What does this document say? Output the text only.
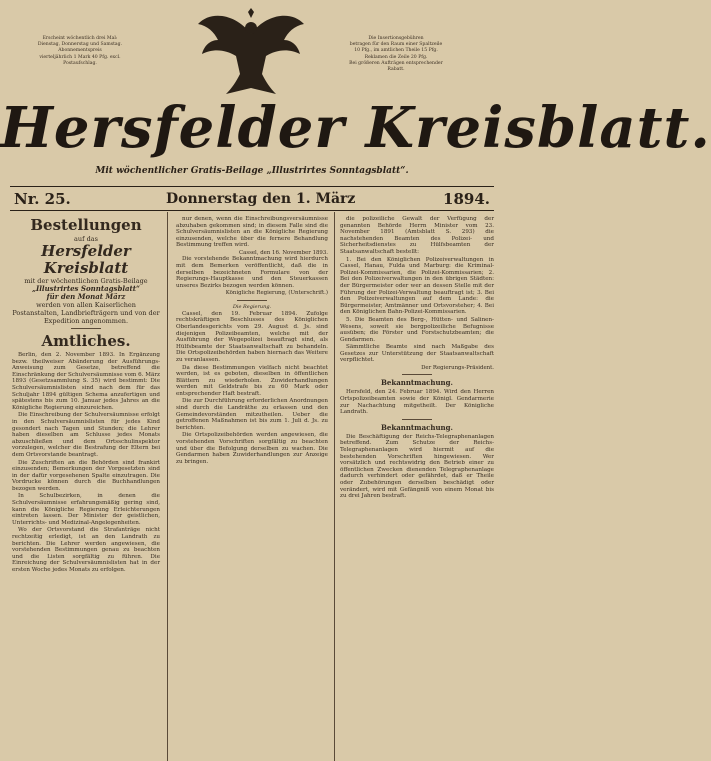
Erscheint wöchentlich drei Mal:
Dienstag, Donnerstag und Samstag.
Abonnementspreis
vierteljährlich 1 Mark 40 Pfg. excl.
Postaufschlag.
Die Insertionsgebühren
betragen für den Raum einer Spaltzeile
10 Pfg., im amtlichen Theile 15 Pfg.
Reklamen die Zeile 20 Pfg.
Bei größeren Aufträgen entsprechender
Rabatt.
Hersfelder Kreisblatt.
Mit wöchentlicher Gratis-Beilage „Illustrirtes Sonntagsblatt“.
Nr. 25.	Donnerstag den 1. März	1894.
Bestellungen
auf das
Hersfelder Kreisblatt
mit der wöchentlichen Gratis-Beilage
„Illustrirtes Sonntagsblatt“
für den Monat März
werden von allen Kaiserlichen Postanstalten, Landbriefträgern und von der Expedition angenommen.
Amtliches.

Berlin, den 2. November 1893. In Ergänzung bezw. theilweiser Abänderung der Ausführungs-Anweisung zum Gesetze, betreffend die Einschränkung der Schulversäumnisse vom 6. März 1893 (Gesetzsammlung S. 35) wird bestimmt: Die Schulversäumnislisten sind nach dem für das Schuljahr 1894 gültigen Schema anzufertigen und spätestens bis zum 10. Januar jedes Jahres an die Königliche Regierung einzureichen.

Die Einschreibung der Schulversäumnisse erfolgt in den Schulversäumnislisten für jedes Kind gesondert nach Tagen und Stunden; die Lehrer haben dieselben am Schlusse jedes Monats abzuschließen und dem Ortsschulinspektor vorzulegen, welcher die Bestrafung der Eltern bei dem Ortsvorstande beantragt.

Die Zuschriften an die Behörden sind frankirt einzusenden; Bemerkungen der Vorgesetzten sind in der dafür vorgesehenen Spalte einzutragen. Die Vordrucke können durch die Buchhandlungen bezogen werden.

In Schulbezirken, in denen die Schulversäumnisse erfahrungsmäßig gering sind, kann die Königliche Regierung Erleichterungen eintreten lassen. Der Minister der geistlichen, Unterrichts- und Medizinal-Angelegenheiten.

Wo der Ortsvorstand die Strafanträge nicht rechtzeitig erledigt, ist an den Landrath zu berichten. Die Lehrer werden angewiesen, die vorstehenden Bestimmungen genau zu beachten und die Listen sorgfältig zu führen. Die Einreichung der Schulversäumnislisten hat in der ersten Woche jedes Monats zu erfolgen.

nur denen, wenn die Einschreibungsversäumnisse abzuhaben gekommen sind; in diesem Falle sind die Schulversäumnislisten an die Königliche Regierung einzusenden, welche über die fernere Behandlung Bestimmung treffen wird.

Cassel, den 16. November 1893.

Die vorstehende Bekanntmachung wird hierdurch mit dem Bemerken veröffentlicht, daß die in derselben bezeichneten Formulare von der Regierungs-Hauptkasse und den Steuerkassen unseres Bezirks bezogen werden können.

Königliche Regierung, (Unterschrift.)
Die Regierung.

Cassel, den 19. Februar 1894. Zufolge rechtskräftigen Beschlusses des Königlichen Oberlandesgerichts vom 29. August d. Js. sind diejenigen Polizeibeamten, welche mit der Ausführung der Wegepolizei beauftragt sind, als Hülfsbeamte der Staatsanwaltschaft zu behandeln. Die Ortspolizeibehörden haben hiernach das Weitere zu veranlassen.

Da diese Bestimmungen vielfach nicht beachtet werden, ist es geboten, dieselben in öffentlichen Blättern zu wiederholen. Zuwiderhandlungen werden mit Geldstrafe bis zu 60 Mark oder entsprechender Haft bestraft.

Die zur Durchführung erforderlichen Anordnungen sind durch die Landräthe zu erlassen und den Gemeindevorständen mitzutheilen. Ueber die getroffenen Maßnahmen ist bis zum 1. Juli d. Js. zu berichten.

Die Ortspolizeibehörden werden angewiesen, die vorstehenden Vorschriften sorgfältig zu beachten und über die Befolgung derselben zu wachen. Die Gendarmen haben Zuwiderhandlungen zur Anzeige zu bringen.

die polizeiliche Gewalt der Verfügung der genannten Behörde Herrn Minister vom 23. November 1891 (Amtsblatt S. 293) die nachstehenden Beamten des Polizei- und Sicherheitsdienstes zu Hülfsbeamten der Staatsanwaltschaft bestellt:

1. Bei den Königlichen Polizeiverwaltungen in Cassel, Hanau, Fulda und Marburg: die Kriminal-Polizei-Kommissarien, die Polizei-Kommissarien; 2. Bei den Polizeiverwaltungen in den übrigen Städten: der Bürgermeister oder wer an dessen Stelle mit der Führung der Polizei-Verwaltung beauftragt ist; 3. Bei den Polizeiverwaltungen auf dem Lande: die Bürgermeister, Amtmänner und Ortsvorsteher; 4. Bei den Königlichen Bahn-Polizei-Kommissarien.

5. Die Beamten des Berg-, Hütten- und Salinen-Wesens, soweit sie bergpolizeiliche Befugnisse ausüben; die Förster und Forstschutzbeamten; die Gendarmen.

Sämmtliche Beamte sind nach Maßgabe des Gesetzes zur Unterstützung der Staatsanwaltschaft verpflichtet.

Der Regierungs-Präsident.
Bekanntmachung.

Hersfeld, den 24. Februar 1894. Wird den Herren Ortspolizeibeamten sowie der Königl. Gendarmerie zur Nachachtung mitgetheilt. Der Königliche Landrath.

Bekanntmachung.

Die Beschäftigung der Reichs-Telegraphenanlagen betreffend. Zum Schutze der Reichs-Telegraphenanlagen wird hiermit auf die bestehenden Vorschriften hingewiesen. Wer vorsätzlich und rechtswidrig den Betrieb einer zu öffentlichen Zwecken dienenden Telegraphenanlage dadurch verhindert oder gefährdet, daß er Theile oder Zubehörungen derselben beschädigt oder verändert, wird mit Gefängniß von einem Monat bis zu drei Jahren bestraft.
